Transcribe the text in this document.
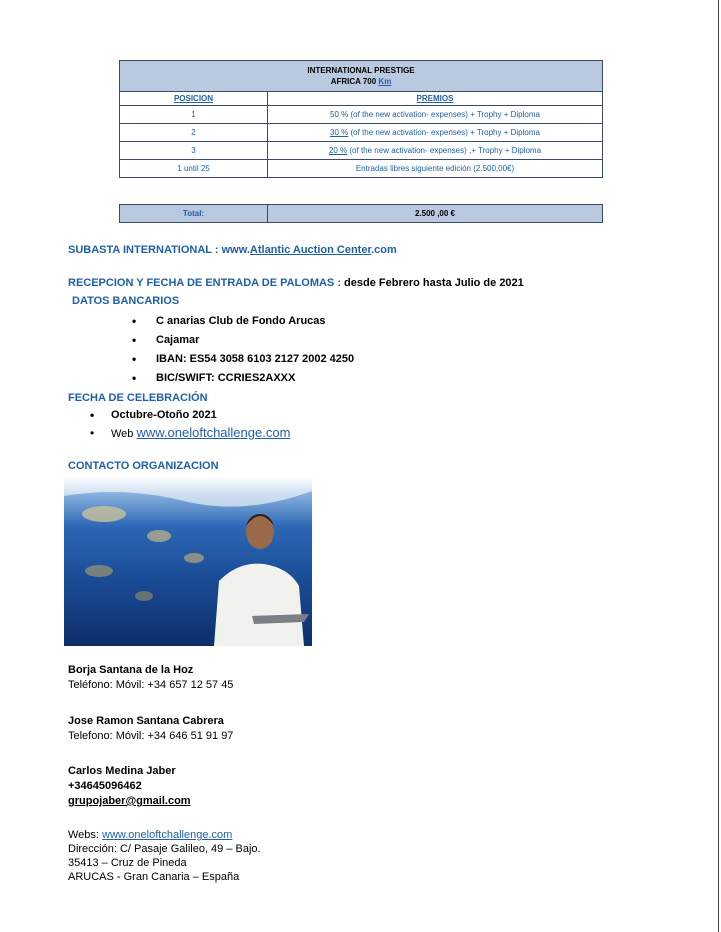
INTERNATIONAL PRESTIGE
AFRICA 700 Km	
POSICION	PREMIOS
1	50 % (of the new activation- expenses) + Trophy + Diploma
2	30 % (of the new activation- expenses) + Trophy + Diploma
3	20 % (of the new activation- expenses) ,+ Trophy + Diploma
1 until 25	Entradas libres siguiente edición (2.500,00€)
Total:	2.500 ,00 €
SUBASTA INTERNATIONAL : www.Atlantic Auction Center.com
RECEPCION Y FECHA DE ENTRADA DE PALOMAS : desde Febrero hasta Julio de 2021
DATOS BANCARIOS
• C anarias Club de Fondo Arucas
• Cajamar
• IBAN: ES54 3058 6103 2127 2002 4250
• BIC/SWIFT: CCRIES2AXXX
FECHA DE CELEBRACIÓN
• Octubre-Otoño 2021
• Web www.oneloftchallenge.com
CONTACTO ORGANIZACION
Borja Santana de la Hoz
Teléfono: Móvil: +34 657 12 57 45
Jose Ramon Santana Cabrera
Telefono: Móvil: +34 646 51 91 97
Carlos Medina Jaber
+34645096462
grupojaber@gmail.com
Webs: www.oneloftchallenge.com
Dirección: C/ Pasaje Galileo, 49 – Bajo.
35413 – Cruz de Pineda
ARUCAS - Gran Canaria – España
